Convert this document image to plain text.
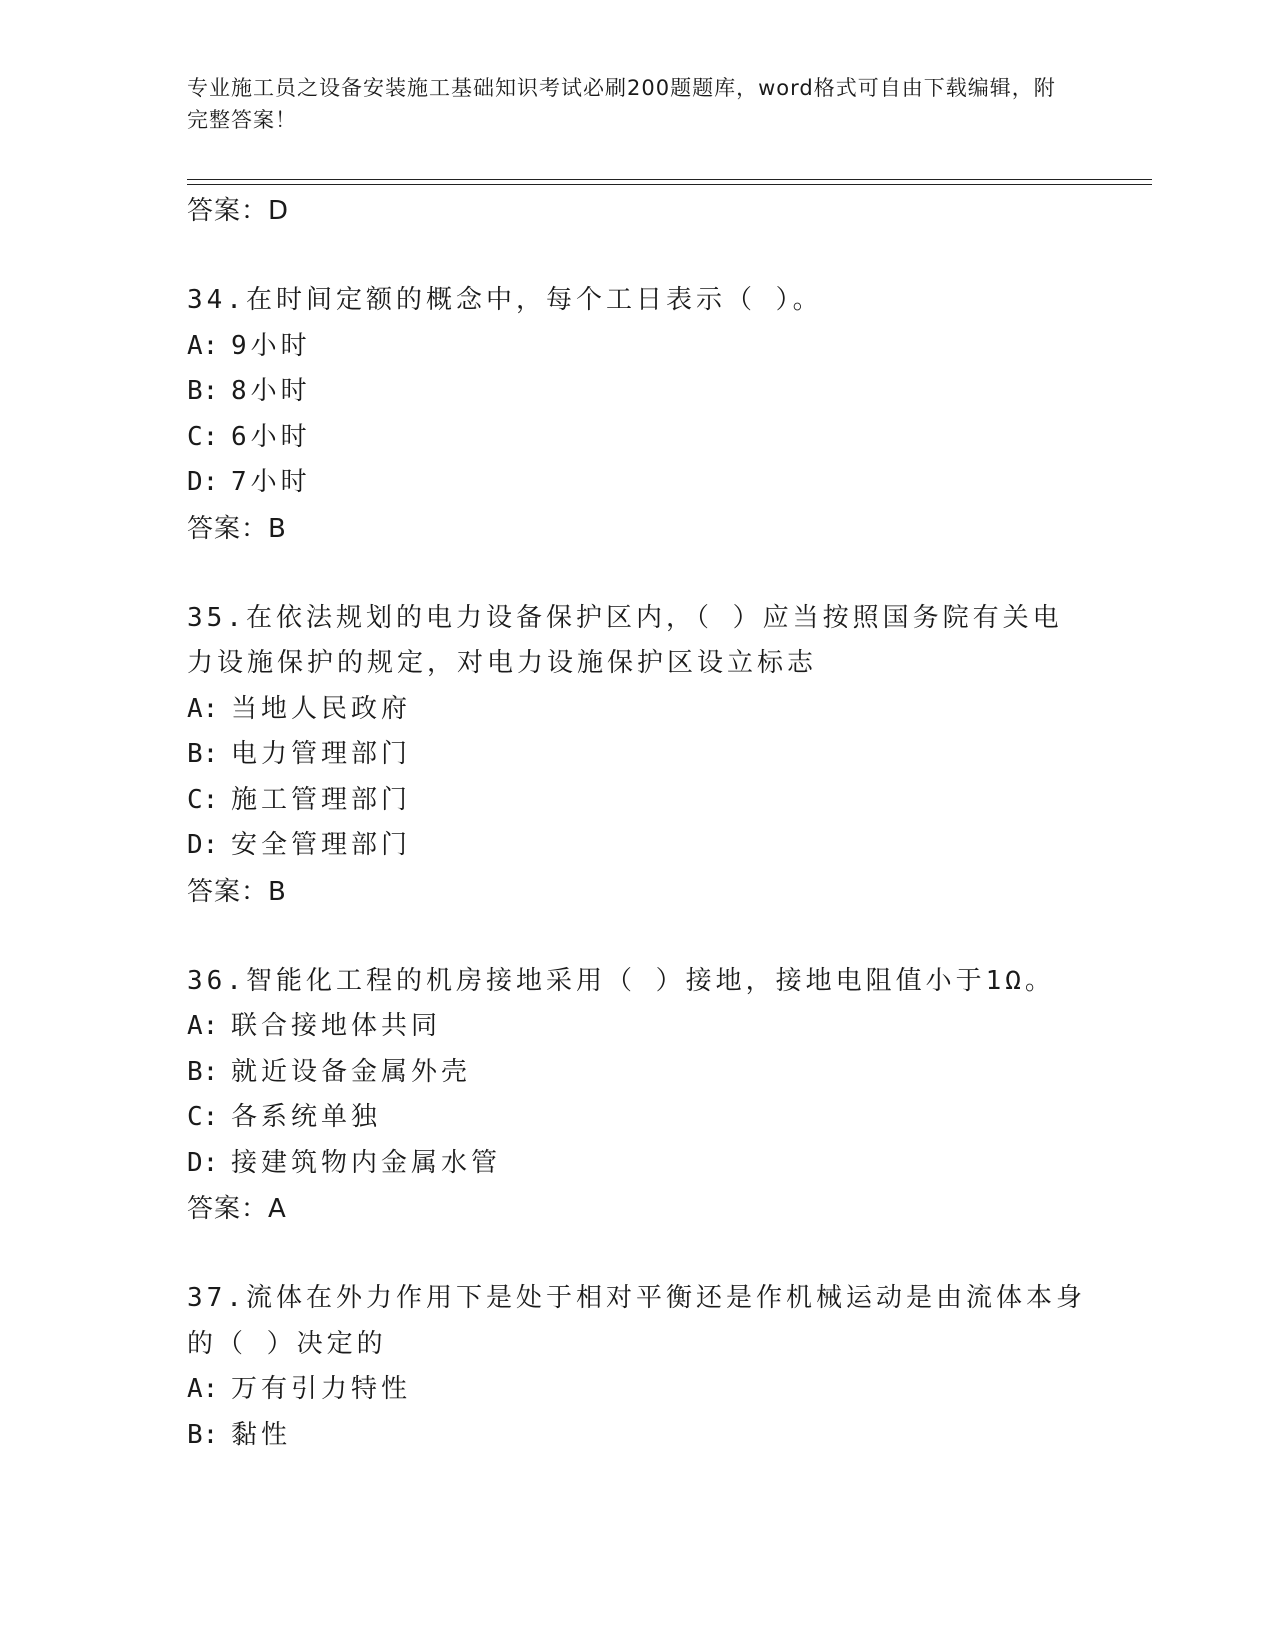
专业施工员之设备安装施工基础知识考试必刷200题题库，word格式可自由下载编辑，附完整答案！
答案：D
34.在时间定额的概念中，每个工日表示（ ）。
A: 9小时
B: 8小时
C: 6小时
D: 7小时
答案：B
35.在依法规划的电力设备保护区内，（ ）应当按照国务院有关电力设施保护的规定，对电力设施保护区设立标志
A: 当地人民政府
B: 电力管理部门
C: 施工管理部门
D: 安全管理部门
答案：B
36.智能化工程的机房接地采用（ ）接地，接地电阻值小于1Ω。
A: 联合接地体共同
B: 就近设备金属外壳
C: 各系统单独
D: 接建筑物内金属水管
答案：A
37.流体在外力作用下是处于相对平衡还是作机械运动是由流体本身的（ ）决定的
A: 万有引力特性
B: 黏性
